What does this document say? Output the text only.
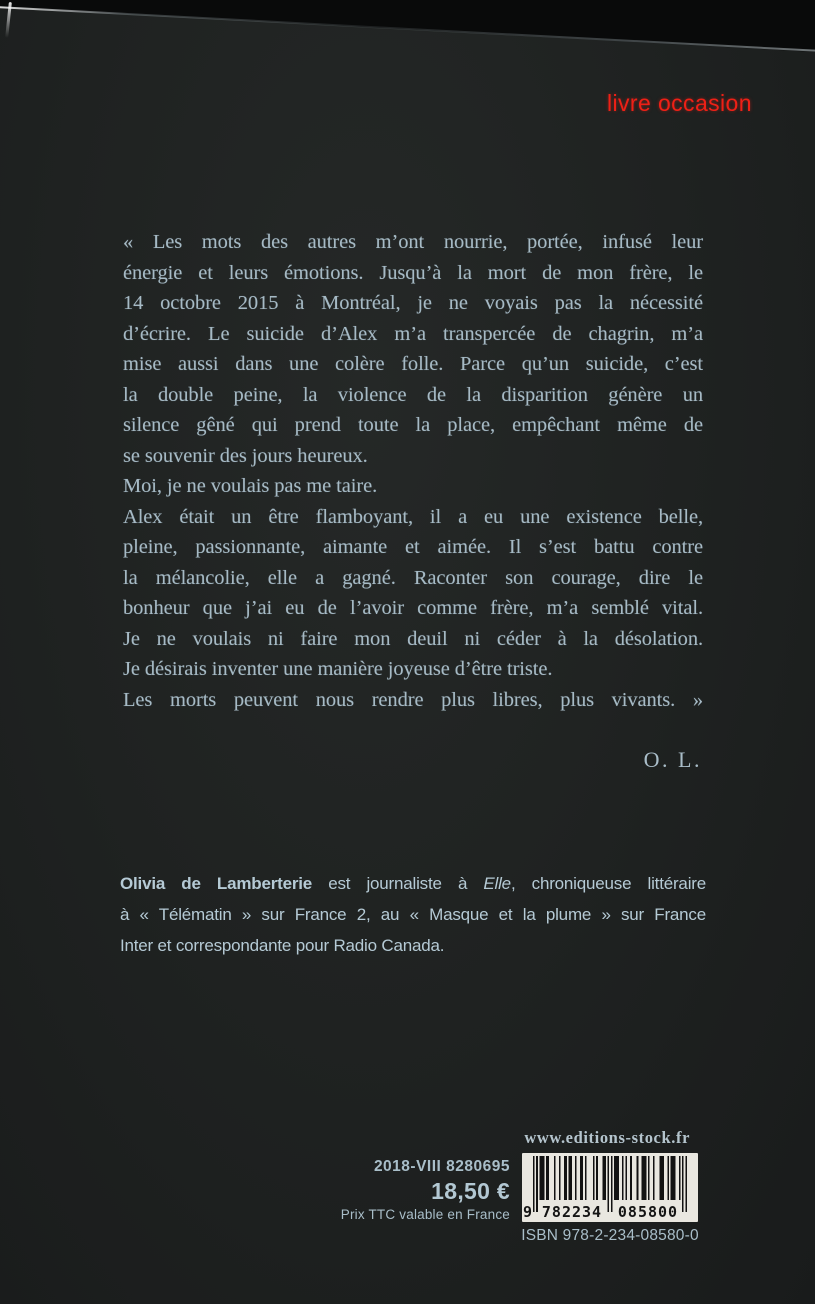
livre occasion
« Les mots des autres m’ont nourrie, portée, infusé leur
énergie et leurs émotions. Jusqu’à la mort de mon frère, le
14 octobre 2015 à Montréal, je ne voyais pas la nécessité
d’écrire. Le suicide d’Alex m’a transpercée de chagrin, m’a
mise aussi dans une colère folle. Parce qu’un suicide, c’est
la double peine, la violence de la disparition génère un
silence gêné qui prend toute la place, empêchant même de
se souvenir des jours heureux.
Moi, je ne voulais pas me taire.
Alex était un être flamboyant, il a eu une existence belle,
pleine, passionnante, aimante et aimée. Il s’est battu contre
la mélancolie, elle a gagné. Raconter son courage, dire le
bonheur que j’ai eu de l’avoir comme frère, m’a semblé vital.
Je ne voulais ni faire mon deuil ni céder à la désolation.
Je désirais inventer une manière joyeuse d’être triste.
Les morts peuvent nous rendre plus libres, plus vivants. »
O. L.
Olivia de Lamberterie est journaliste à Elle, chroniqueuse littéraire
à « Télématin » sur France 2, au « Masque et la plume » sur France
Inter et correspondante pour Radio Canada.
www.editions-stock.fr
2018-VIII 8280695
18,50 €
Prix TTC valable en France 9 782234 085800
ISBN 978-2-234-08580-0
